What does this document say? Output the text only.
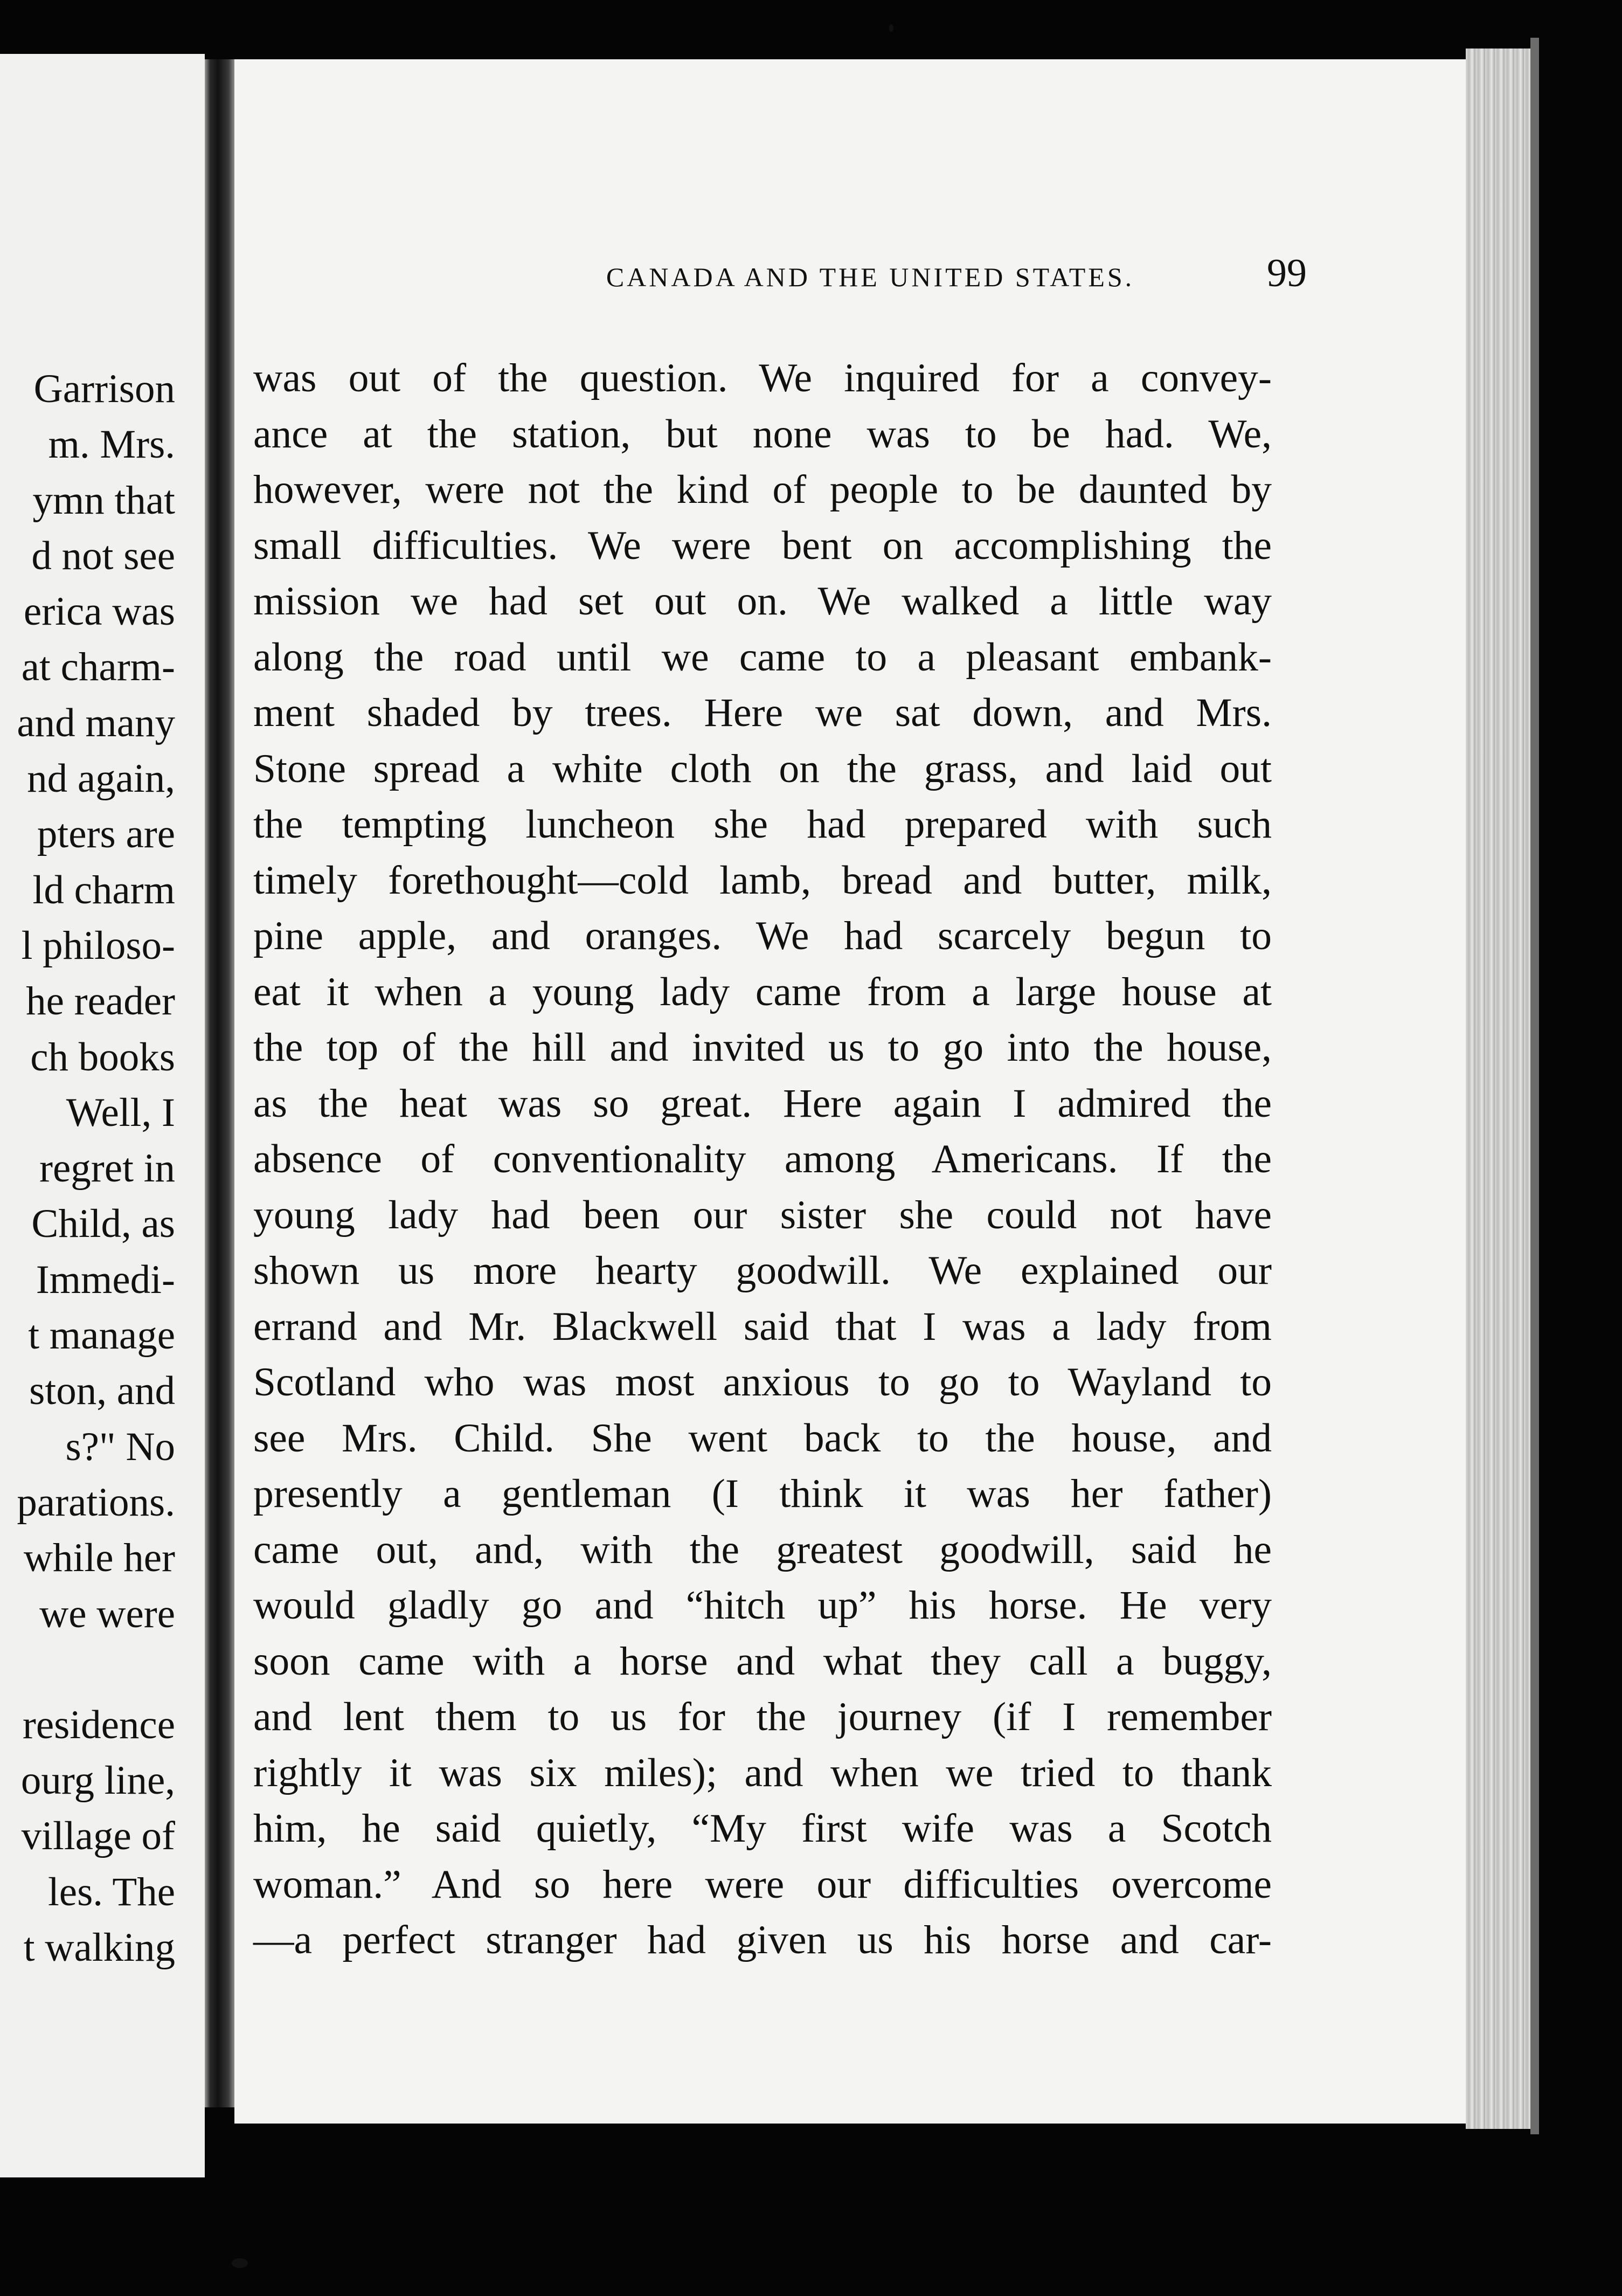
Garrison
m. Mrs.
ymn that
d not see
erica was
at charm-
and many
nd again,
pters are
ld charm
l philoso-
he reader
ch books
Well, I
regret in
Child, as
Immedi-
t manage
ston, and
s?" No
parations.
while her
we were
residence
ourg line,
village of
les. The
t walking
CANADA AND THE UNITED STATES.	99
was out of the question. We inquired for a convey-
ance at the station, but none was to be had. We,
however, were not the kind of people to be daunted by
small difficulties. We were bent on accomplishing the
mission we had set out on. We walked a little way
along the road until we came to a pleasant embank-
ment shaded by trees. Here we sat down, and Mrs.
Stone spread a white cloth on the grass, and laid out
the tempting luncheon she had prepared with such
timely forethought—cold lamb, bread and butter, milk,
pine apple, and oranges. We had scarcely begun to
eat it when a young lady came from a large house at
the top of the hill and invited us to go into the house,
as the heat was so great. Here again I admired the
absence of conventionality among Americans. If the
young lady had been our sister she could not have
shown us more hearty goodwill. We explained our
errand and Mr. Blackwell said that I was a lady from
Scotland who was most anxious to go to Wayland to
see Mrs. Child. She went back to the house, and
presently a gentleman (I think it was her father)
came out, and, with the greatest goodwill, said he
would gladly go and “hitch up” his horse. He very
soon came with a horse and what they call a buggy,
and lent them to us for the journey (if I remember
rightly it was six miles); and when we tried to thank
him, he said quietly, “My first wife was a Scotch
woman.” And so here were our difficulties overcome
—a perfect stranger had given us his horse and car-
